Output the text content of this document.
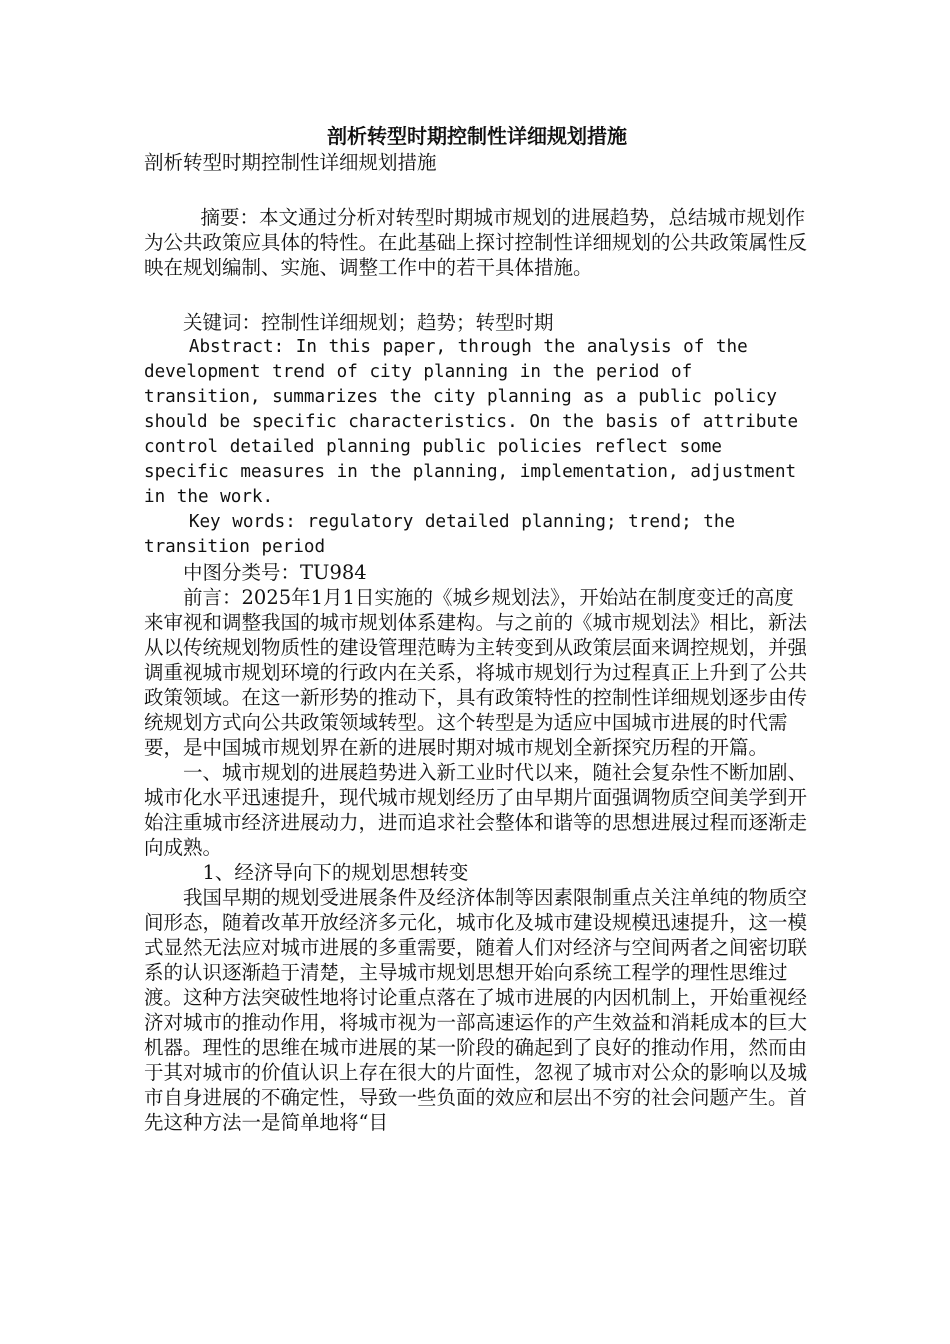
剖析转型时期控制性详细规划措施

剖析转型时期控制性详细规划措施

摘要：本文通过分析对转型时期城市规划的进展趋势，总结城市规划作为公共政策应具体的特性。在此基础上探讨控制性详细规划的公共政策属性反映在规划编制、实施、调整工作中的若干具体措施。

关键词：控制性详细规划；趋势；转型时期

Abstract: In this paper, through the analysis of the development trend of city planning in the period of transition, summarizes the city planning as a public policy should be specific characteristics. On the basis of attribute control detailed planning public policies reflect some specific measures in the planning, implementation, adjustment in the work.

Key words: regulatory detailed planning; trend; the transition period

中图分类号：TU984

前言：2025年1月1日实施的《城乡规划法》，开始站在制度变迁的高度来审视和调整我国的城市规划体系建构。与之前的《城市规划法》相比，新法从以传统规划物质性的建设管理范畴为主转变到从政策层面来调控规划，并强调重视城市规划环境的行政内在关系，将城市规划行为过程真正上升到了公共政策领域。在这一新形势的推动下，具有政策特性的控制性详细规划逐步由传统规划方式向公共政策领域转型。这个转型是为适应中国城市进展的时代需要，是中国城市规划界在新的进展时期对城市规划全新探究历程的开篇。

一、城市规划的进展趋势进入新工业时代以来，随社会复杂性不断加剧、城市化水平迅速提升，现代城市规划经历了由早期片面强调物质空间美学到开始注重城市经济进展动力，进而追求社会整体和谐等的思想进展过程而逐渐走向成熟。

1、经济导向下的规划思想转变

我国早期的规划受进展条件及经济体制等因素限制重点关注单纯的物质空间形态，随着改革开放经济多元化，城市化及城市建设规模迅速提升，这一模式显然无法应对城市进展的多重需要，随着人们对经济与空间两者之间密切联系的认识逐渐趋于清楚，主导城市规划思想开始向系统工程学的理性思维过渡。这种方法突破性地将讨论重点落在了城市进展的内因机制上，开始重视经济对城市的推动作用，将城市视为一部高速运作的产生效益和消耗成本的巨大机器。理性的思维在城市进展的某一阶段的确起到了良好的推动作用，然而由于其对城市的价值认识上存在很大的片面性，忽视了城市对公众的影响以及城市自身进展的不确定性，导致一些负面的效应和层出不穷的社会问题产生。首先这种方法一是简单地将“目
